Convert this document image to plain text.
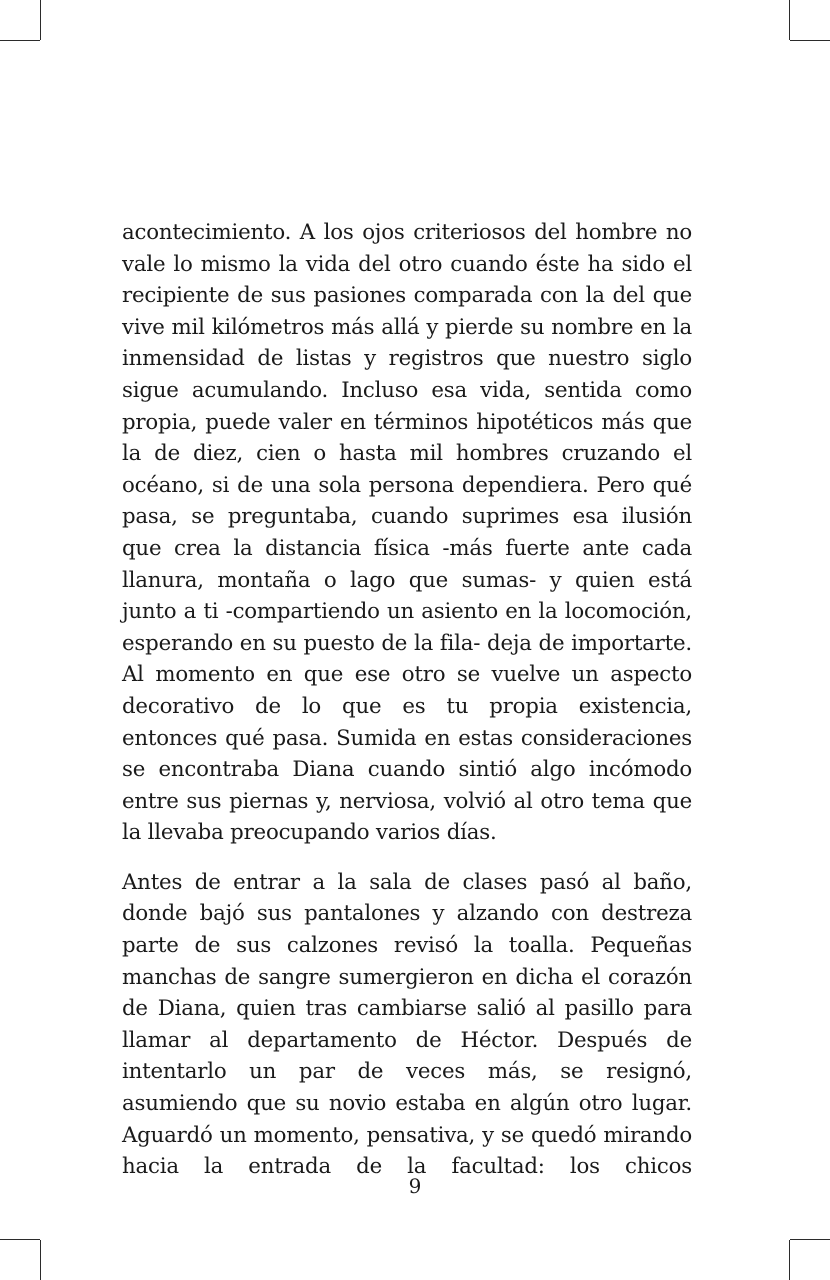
acontecimiento. A los ojos criteriosos del hombre no vale lo mismo la vida del otro cuando éste ha sido el recipiente de sus pasiones comparada con la del que vive mil kilómetros más allá y pierde su nombre en la inmensidad de listas y registros que nuestro siglo sigue acumulando. Incluso esa vida, sentida como propia, puede valer en términos hipotéticos más que la de diez, cien o hasta mil hombres cruzando el océano, si de una sola persona dependiera. Pero qué pasa, se preguntaba, cuando suprimes esa ilusión que crea la distancia física -más fuerte ante cada llanura, montaña o lago que sumas- y quien está junto a ti -compartiendo un asiento en la locomoción, esperando en su puesto de la fila- deja de importarte. Al momento en que ese otro se vuelve un aspecto decorativo de lo que es tu propia existencia, entonces qué pasa. Sumida en estas consideraciones se encontraba Diana cuando sintió algo incómodo entre sus piernas y, nerviosa, volvió al otro tema que la llevaba preocupando varios días.

Antes de entrar a la sala de clases pasó al baño, donde bajó sus pantalones y alzando con destreza parte de sus calzones revisó la toalla. Pequeñas manchas de sangre sumergieron en dicha el corazón de Diana, quien tras cambiarse salió al pasillo para llamar al departamento de Héctor. Después de intentarlo un par de veces más, se resignó, asumiendo que su novio estaba en algún otro lugar. Aguardó un momento, pensativa, y se quedó mirando hacia la entrada de la facultad: los chicos

9
